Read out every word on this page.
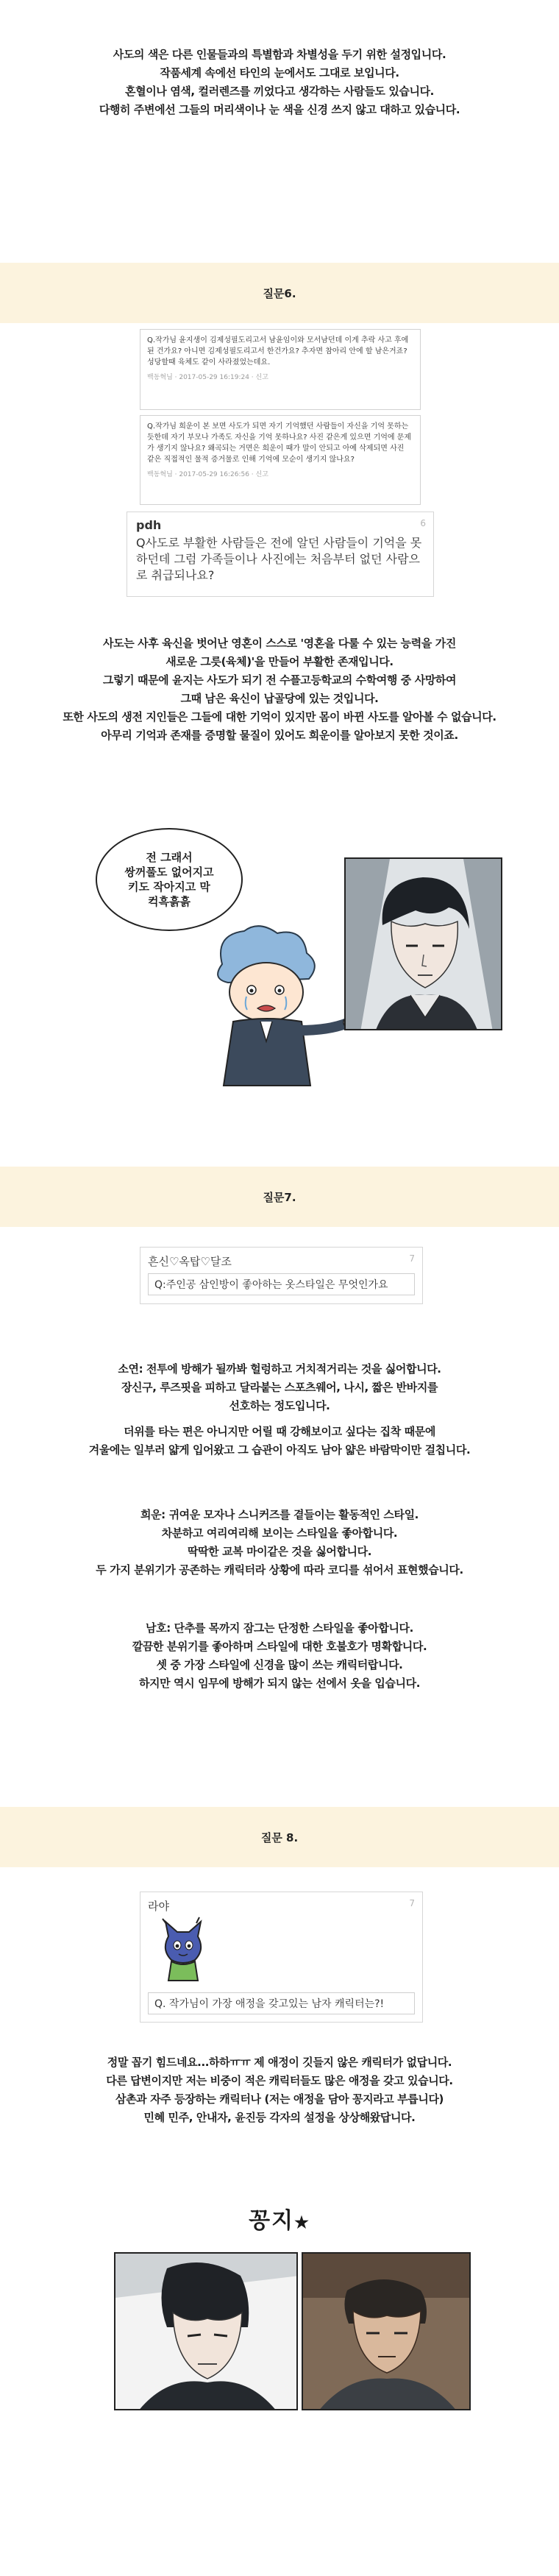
사도의 색은 다른 인물들과의 특별함과 차별성을 두기 위한 설정입니다.

작품세계 속에선 타인의 눈에서도 그대로 보입니다.

혼혈이나 염색, 컬러렌즈를 끼었다고 생각하는 사람들도 있습니다.

다행히 주변에선 그들의 머리색이나 눈 색을 신경 쓰지 않고 대하고 있습니다.

질문6.
Q.작가님 윤지생이 김제성필도리고서 남윤임이와 모서남던데 이게 추락 사고 후에 된 건가요? 아니면 김제성필도리고서 한건가요? 추자면 참아리 안에 할 남은거죠? 성당할때 육체도 같이 사라졌었는데요.
백동혁님 · 2017-05-29 16:19:24 · 신고
Q.작가님 희운이 본 보면 사도가 되면 자기 기억했던 사람들이 자신을 기억 못하는 듯한데 자기 부모나 가족도 자신을 기억 못하나요? 사진 같은게 있으면 기억에 문제가 생기지 않나요? 왜곡되는 거면은 희운이 때가 말이 안되고 아예 삭제되면 사진 같은 직접적인 물적 증거물로 인해 기억에 모순이 생기지 않나요?
백동혁님 · 2017-05-29 16:26:56 · 신고
pdh	6
Q사도로 부활한 사람들은 전에 알던 사람들이 기억을 못하던데 그럼 가족들이나 사진에는 처음부터 없던 사람으로 취급되나요?

사도는 사후 육신을 벗어난 영혼이 스스로 '영혼을 다룰 수 있는 능력을 가진

새로운 그릇(육체)'을 만들어 부활한 존재입니다.

그렇기 때문에 윤지는 사도가 되기 전 수플고등학교의 수학여행 중 사망하여

그때 남은 육신이 납골당에 있는 것입니다.

또한 사도의 생전 지인들은 그들에 대한 기억이 있지만 몸이 바뀐 사도를 알아볼 수 없습니다.

아무리 기억과 존재를 증명할 물질이 있어도 희운이를 알아보지 못한 것이죠.

전 그래서
쌍꺼풀도 없어지고
키도 작아지고 막
컥흑흙흙
질문7.
흔신♡옥탑♡달조	7
Q:주인공 삼인방이 좋아하는 옷스타일은 무엇인가요

소연: 전투에 방해가 될까봐 헐렁하고 거치적거리는 것을 싫어합니다.

장신구, 루즈핏을 피하고 달라붙는 스포츠웨어, 나시, 짧은 반바지를

선호하는 정도입니다.

더위를 타는 편은 아니지만 어릴 때 강해보이고 싶다는 집착 때문에

겨울에는 일부러 얇게 입어왔고 그 습관이 아직도 남아 얇은 바람막이만 걸칩니다.

희운: 귀여운 모자나 스니커즈를 곁들이는 활동적인 스타일.

차분하고 여리여리해 보이는 스타일을 좋아합니다.

딱딱한 교복 마이같은 것을 싫어합니다.

두 가지 분위기가 공존하는 캐릭터라 상황에 따라 코디를 섞어서 표현했습니다.

남호: 단추를 목까지 잠그는 단정한 스타일을 좋아합니다.

깔끔한 분위기를 좋아하며 스타일에 대한 호불호가 명확합니다.

셋 중 가장 스타일에 신경을 많이 쓰는 캐릭터랍니다.

하지만 역시 임무에 방해가 되지 않는 선에서 옷을 입습니다.

질문 8.
라야	7
Q. 작가님이 가장 애정을 갖고있는 남자 캐릭터는?!

정말 꼽기 힘드네요...하하ㅠㅠ 제 애정이 깃들지 않은 캐릭터가 없답니다.

다른 답변이지만 저는 비중이 적은 캐릭터들도 많은 애정을 갖고 있습니다.

삼촌과 자주 등장하는 캐릭터나 (저는 애정을 담아 꽁지라고 부릅니다)

민혜 민주, 안내자, 윤진등 각자의 설정을 상상해왔답니다.

꽁지★
